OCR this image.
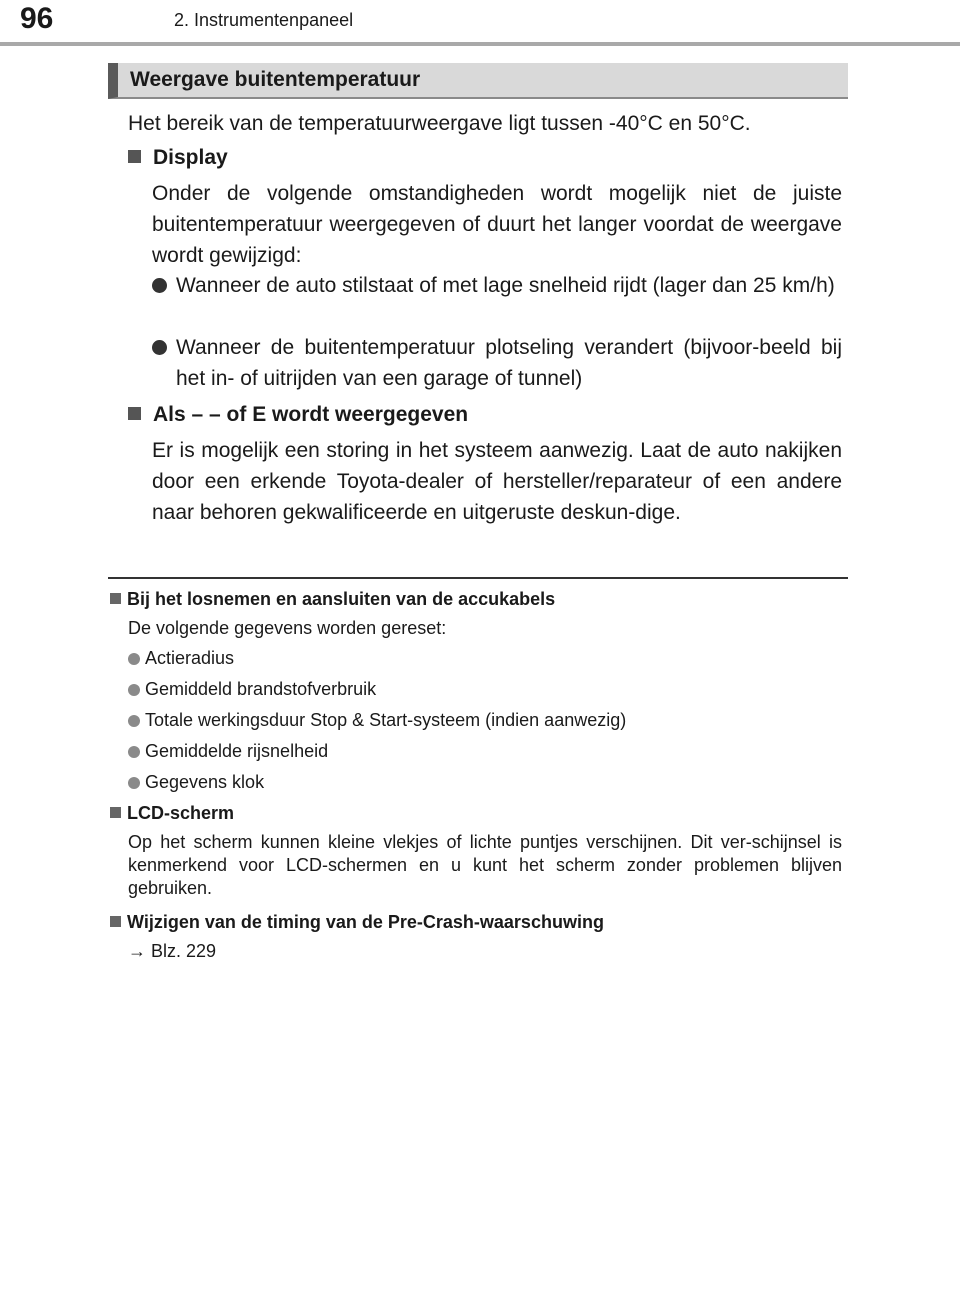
96	2. Instrumentenpaneel
Weergave buitentemperatuur

Het bereik van de temperatuurweergave ligt tussen -40°C en 50°C.

Display

Onder de volgende omstandigheden wordt mogelijk niet de juiste buitentemperatuur weergegeven of duurt het langer voordat de weergave wordt gewijzigd:

Wanneer de auto stilstaat of met lage snelheid rijdt (lager dan 25 km/h)

Wanneer de buitentemperatuur plotseling verandert (bijvoor-beeld bij het in- of uitrijden van een garage of tunnel)

Als – – of E wordt weergegeven

Er is mogelijk een storing in het systeem aanwezig. Laat de auto nakijken door een erkende Toyota-dealer of hersteller/reparateur of een andere naar behoren gekwalificeerde en uitgeruste deskun-dige.

Bij het losnemen en aansluiten van de accukabels

De volgende gegevens worden gereset:

Actieradius
Gemiddeld brandstofverbruik
Totale werkingsduur Stop & Start-systeem (indien aanwezig)
Gemiddelde rijsnelheid
Gegevens klok
LCD-scherm

Op het scherm kunnen kleine vlekjes of lichte puntjes verschijnen. Dit ver-schijnsel is kenmerkend voor LCD-schermen en u kunt het scherm zonder problemen blijven gebruiken.

Wijzigen van de timing van de Pre-Crash-waarschuwing
→ Blz. 229
